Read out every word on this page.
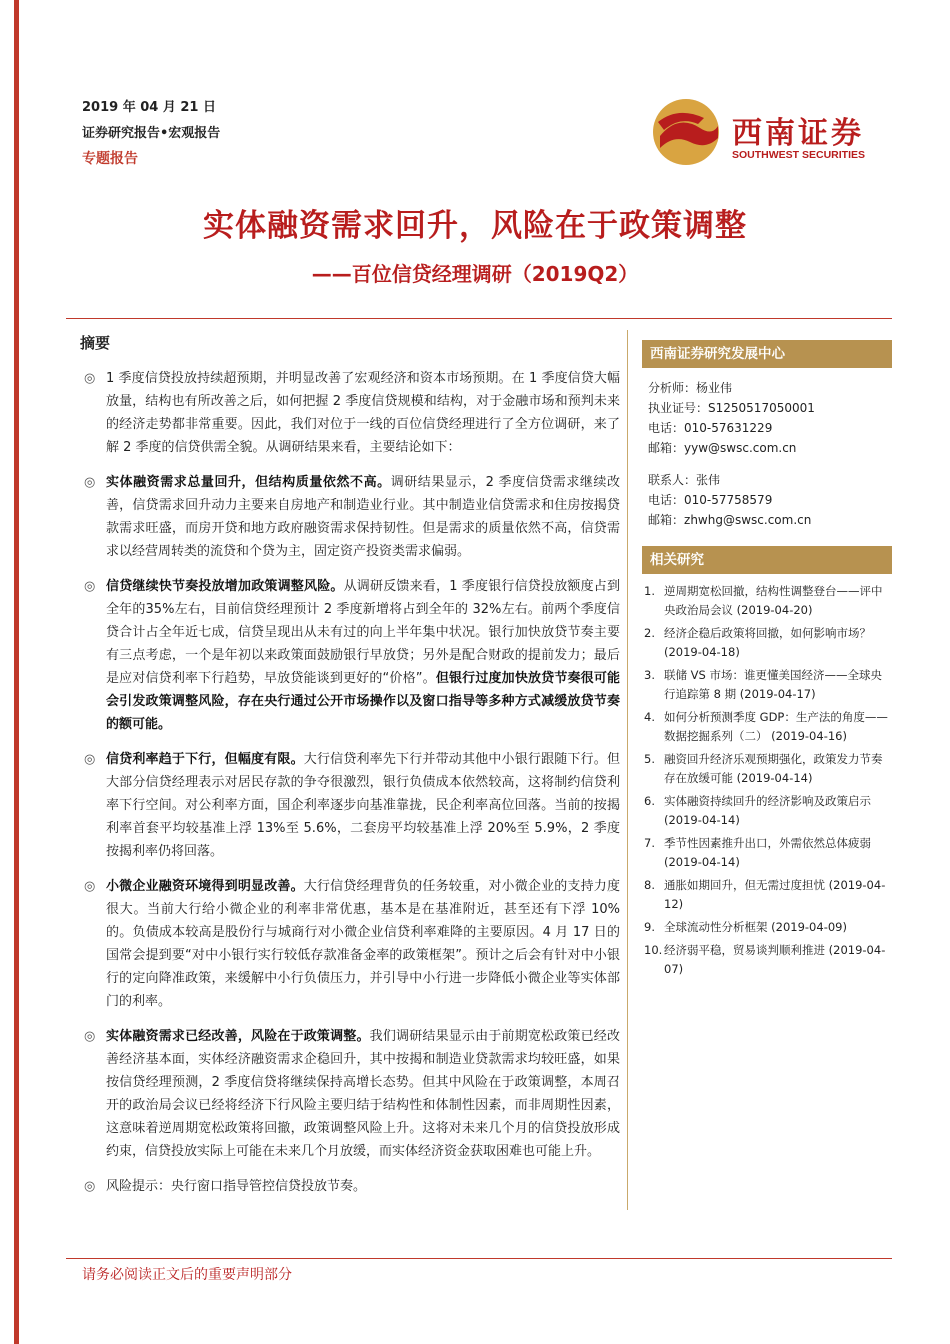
2019 年 04 月 21 日
证券研究报告•宏观报告
专题报告
西南证券
SOUTHWEST SECURITIES
实体融资需求回升，风险在于政策调整
——百位信贷经理调研（2019Q2）
摘要
◎ 1 季度信贷投放持续超预期，并明显改善了宏观经济和资本市场预期。在 1 季度信贷大幅放量，结构也有所改善之后，如何把握 2 季度信贷规模和结构，对于金融市场和预判未来的经济走势都非常重要。因此，我们对位于一线的百位信贷经理进行了全方位调研，来了解 2 季度的信贷供需全貌。从调研结果来看，主要结论如下：
◎ 实体融资需求总量回升，但结构质量依然不高。调研结果显示，2 季度信贷需求继续改善，信贷需求回升动力主要来自房地产和制造业行业。其中制造业信贷需求和住房按揭贷款需求旺盛，而房开贷和地方政府融资需求保持韧性。但是需求的质量依然不高，信贷需求以经营周转类的流贷和个贷为主，固定资产投资类需求偏弱。
◎ 信贷继续快节奏投放增加政策调整风险。从调研反馈来看，1 季度银行信贷投放额度占到全年的35%左右，目前信贷经理预计 2 季度新增将占到全年的 32%左右。前两个季度信贷合计占全年近七成，信贷呈现出从未有过的向上半年集中状况。银行加快放贷节奏主要有三点考虑，一个是年初以来政策面鼓励银行早放贷；另外是配合财政的提前发力；最后是应对信贷利率下行趋势，早放贷能谈到更好的“价格”。但银行过度加快放贷节奏很可能会引发政策调整风险，存在央行通过公开市场操作以及窗口指导等多种方式减缓放贷节奏的额可能。
◎ 信贷利率趋于下行，但幅度有限。大行信贷利率先下行并带动其他中小银行跟随下行。但大部分信贷经理表示对居民存款的争夺很激烈，银行负债成本依然较高，这将制约信贷利率下行空间。对公利率方面，国企利率逐步向基准靠拢，民企利率高位回落。当前的按揭利率首套平均较基准上浮 13%至 5.6%，二套房平均较基准上浮 20%至 5.9%，2 季度按揭利率仍将回落。
◎ 小微企业融资环境得到明显改善。大行信贷经理背负的任务较重，对小微企业的支持力度很大。当前大行给小微企业的利率非常优惠，基本是在基准附近，甚至还有下浮 10%的。负债成本较高是股份行与城商行对小微企业信贷利率难降的主要原因。4 月 17 日的国常会提到要“对中小银行实行较低存款准备金率的政策框架”。预计之后会有针对中小银行的定向降准政策，来缓解中小行负债压力，并引导中小行进一步降低小微企业等实体部门的利率。
◎ 实体融资需求已经改善，风险在于政策调整。我们调研结果显示由于前期宽松政策已经改善经济基本面，实体经济融资需求企稳回升，其中按揭和制造业贷款需求均较旺盛，如果按信贷经理预测，2 季度信贷将继续保持高增长态势。但其中风险在于政策调整，本周召开的政治局会议已经将经济下行风险主要归结于结构性和体制性因素，而非周期性因素，这意味着逆周期宽松政策将回撤，政策调整风险上升。这将对未来几个月的信贷投放形成约束，信贷投放实际上可能在未来几个月放缓，而实体经济资金获取困难也可能上升。
◎ 风险提示：央行窗口指导管控信贷投放节奏。
西南证券研究发展中心
分析师：杨业伟
执业证号：S1250517050001
电话：010-57631229
邮箱：yyw@swsc.com.cn
联系人：张伟
电话：010-57758579
邮箱：zhwhg@swsc.com.cn
相关研究
1. 逆周期宽松回撤，结构性调整登台——评中央政治局会议 (2019-04-20)
2. 经济企稳后政策将回撤，如何影响市场？ (2019-04-18)
3. 联储 VS 市场：谁更懂美国经济——全球央行追踪第 8 期 (2019-04-17)
4. 如何分析预测季度 GDP：生产法的角度——数据挖掘系列（二） (2019-04-16)
5. 融资回升经济乐观预期强化，政策发力节奏存在放缓可能 (2019-04-14)
6. 实体融资持续回升的经济影响及政策启示 (2019-04-14)
7. 季节性因素推升出口，外需依然总体疲弱 (2019-04-14)
8. 通胀如期回升，但无需过度担忧 (2019-04-12)
9. 全球流动性分析框架 (2019-04-09)
10. 经济弱平稳，贸易谈判顺利推进 (2019-04-07)
请务必阅读正文后的重要声明部分
